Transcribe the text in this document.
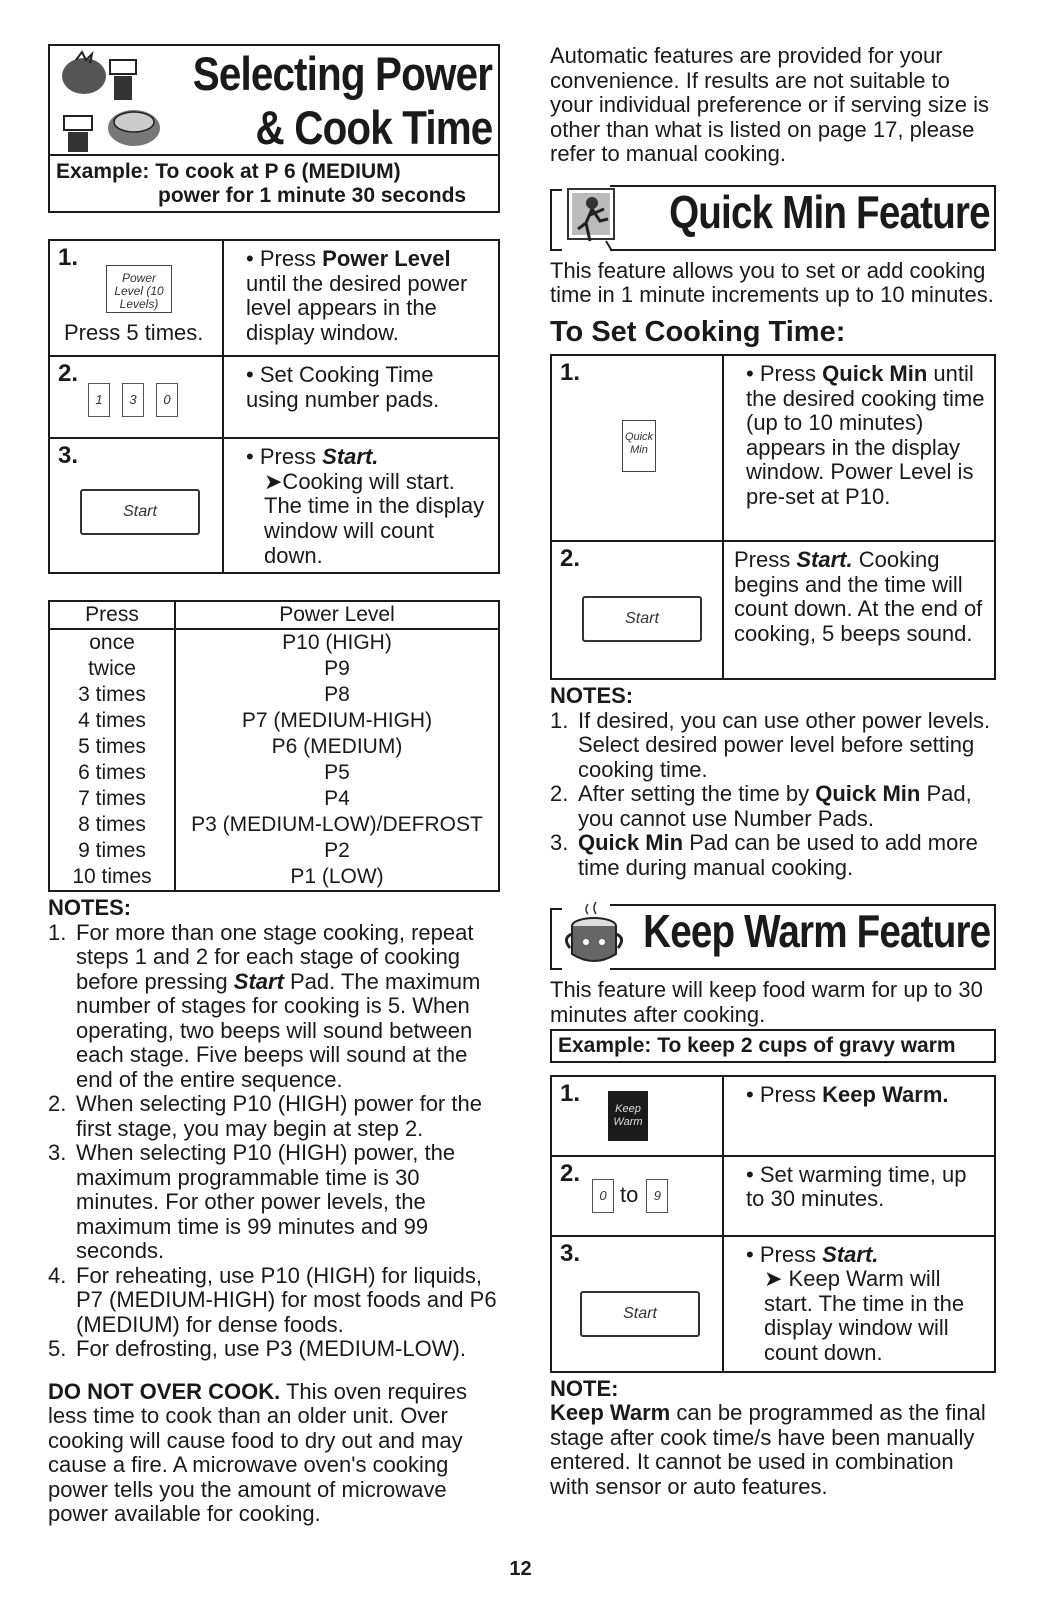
Selecting Power
& Cook Time
Example: To cook at P 6 (MEDIUM)
power for 1 minute 30 seconds
1.
Power Level (10 Levels)
Press 5 times.	• Press Power Level
until the desired power level appears in the display window.

2.
1 3 0	• Set Cooking Time using number pads.

3.
Start	• Press Start.
➤Cooking will start. The time in the display window will count down.
Press	Power Level
once	P10 (HIGH)
twice	P9
3 times	P8
4 times	P7 (MEDIUM-HIGH)
5 times	P6 (MEDIUM)
6 times	P5
7 times	P4
8 times	P3 (MEDIUM-LOW)/DEFROST
9 times	P2
10 times	P1 (LOW)
NOTES:
1. For more than one stage cooking, repeat steps 1 and 2 for each stage of cooking before pressing Start Pad. The maximum number of stages for cooking is 5. When operating, two beeps will sound between each stage. Five beeps will sound at the end of the entire sequence.
2. When selecting P10 (HIGH) power for the first stage, you may begin at step 2.
3. When selecting P10 (HIGH) power, the maximum programmable time is 30 minutes. For other power levels, the maximum time is 99 minutes and 99 seconds.
4. For reheating, use P10 (HIGH) for liquids, P7 (MEDIUM-HIGH) for most foods and P6 (MEDIUM) for dense foods.
5. For defrosting, use P3 (MEDIUM-LOW).

DO NOT OVER COOK. This oven requires less time to cook than an older unit. Over cooking will cause food to dry out and may cause a fire. A microwave oven's cooking power tells you the amount of microwave power available for cooking.

Automatic features are provided for your convenience. If results are not suitable to your individual preference or if serving size is other than what is listed on page 17, please refer to manual cooking.

Quick Min Feature

This feature allows you to set or add cooking time in 1 minute increments up to 10 minutes.

To Set Cooking Time:
1.
Quick Min	• Press Quick Min until the desired cooking time (up to 10 minutes) appears in the display window. Power Level is pre-set at P10.

2.
Start	Press Start. Cooking begins and the time will count down. At the end of cooking, 5 beeps sound.
NOTES:
1. If desired, you can use other power levels. Select desired power level before setting cooking time.
2. After setting the time by Quick Min Pad, you cannot use Number Pads.
3. Quick Min Pad can be used to add more time during manual cooking.
Keep Warm Feature

This feature will keep food warm for up to 30 minutes after cooking.

Example: To keep 2 cups of gravy warm
1.
Keep Warm	• Press Keep Warm.

2.
0 to 9	• Set warming time, up to 30 minutes.

3.
Start	• Press Start.
➤ Keep Warm will start. The time in the display window will count down.
NOTE:

Keep Warm can be programmed as the final stage after cook time/s have been manually entered. It cannot be used in combination with sensor or auto features.

12
